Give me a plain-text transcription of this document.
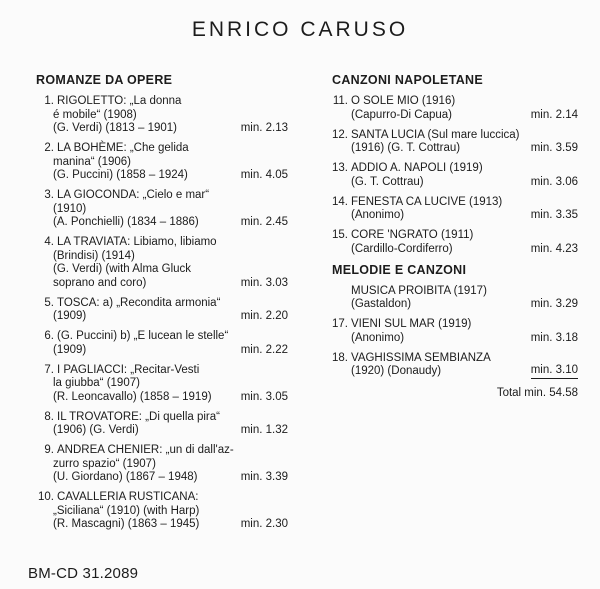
ENRICO CARUSO
ROMANZE DA OPERE
1. RIGOLETTO: „La donna
é mobile“ (1908)
(G. Verdi) (1813 – 1901)	min. 2.13
2. LA BOHÈME: „Che gelida
manina“ (1906)
(G. Puccini) (1858 – 1924)	min. 4.05
3. LA GIOCONDA: „Cielo e mar“
(1910)
(A. Ponchielli) (1834 – 1886)	min. 2.45
4. LA TRAVIATA: Libiamo, libiamo
(Brindisi) (1914)
(G. Verdi) (with Alma Gluck
soprano and coro)	min. 3.03
5. TOSCA: a) „Recondita armonia“
(1909)	min. 2.20
6. (G. Puccini) b) „E lucean le stelle“
(1909)	min. 2.22
7. I PAGLIACCI: „Recitar-Vesti
la giubba“ (1907)
(R. Leoncavallo) (1858 – 1919)	min. 3.05
8. IL TROVATORE: „Di quella pira“
(1906) (G. Verdi)	min. 1.32
9. ANDREA CHENIER: „un di dall'az-
zurro spazio“ (1907)
(U. Giordano) (1867 – 1948)	min. 3.39
10. CAVALLERIA RUSTICANA:
„Siciliana“ (1910) (with Harp)
(R. Mascagni) (1863 – 1945)	min. 2.30
CANZONI NAPOLETANE
11. O SOLE MIO (1916)
(Capurro-Di Capua)	min. 2.14
12. SANTA LUCIA (Sul mare luccica)
(1916) (G. T. Cottrau)	min. 3.59
13. ADDIO A. NAPOLI (1919)
(G. T. Cottrau)	min. 3.06
14. FENESTA CA LUCIVE (1913)
(Anonimo)	min. 3.35
15. CORE 'NGRATO (1911)
(Cardillo-Cordiferro)	min. 4.23
MELODIE E CANZONI
MUSICA PROIBITA (1917)
(Gastaldon)	min. 3.29
17. VIENI SUL MAR (1919)
(Anonimo)	min. 3.18
18. VAGHISSIMA SEMBIANZA
(1920) (Donaudy)	min. 3.10
Total min. 54.58
BM-CD 31.2089
